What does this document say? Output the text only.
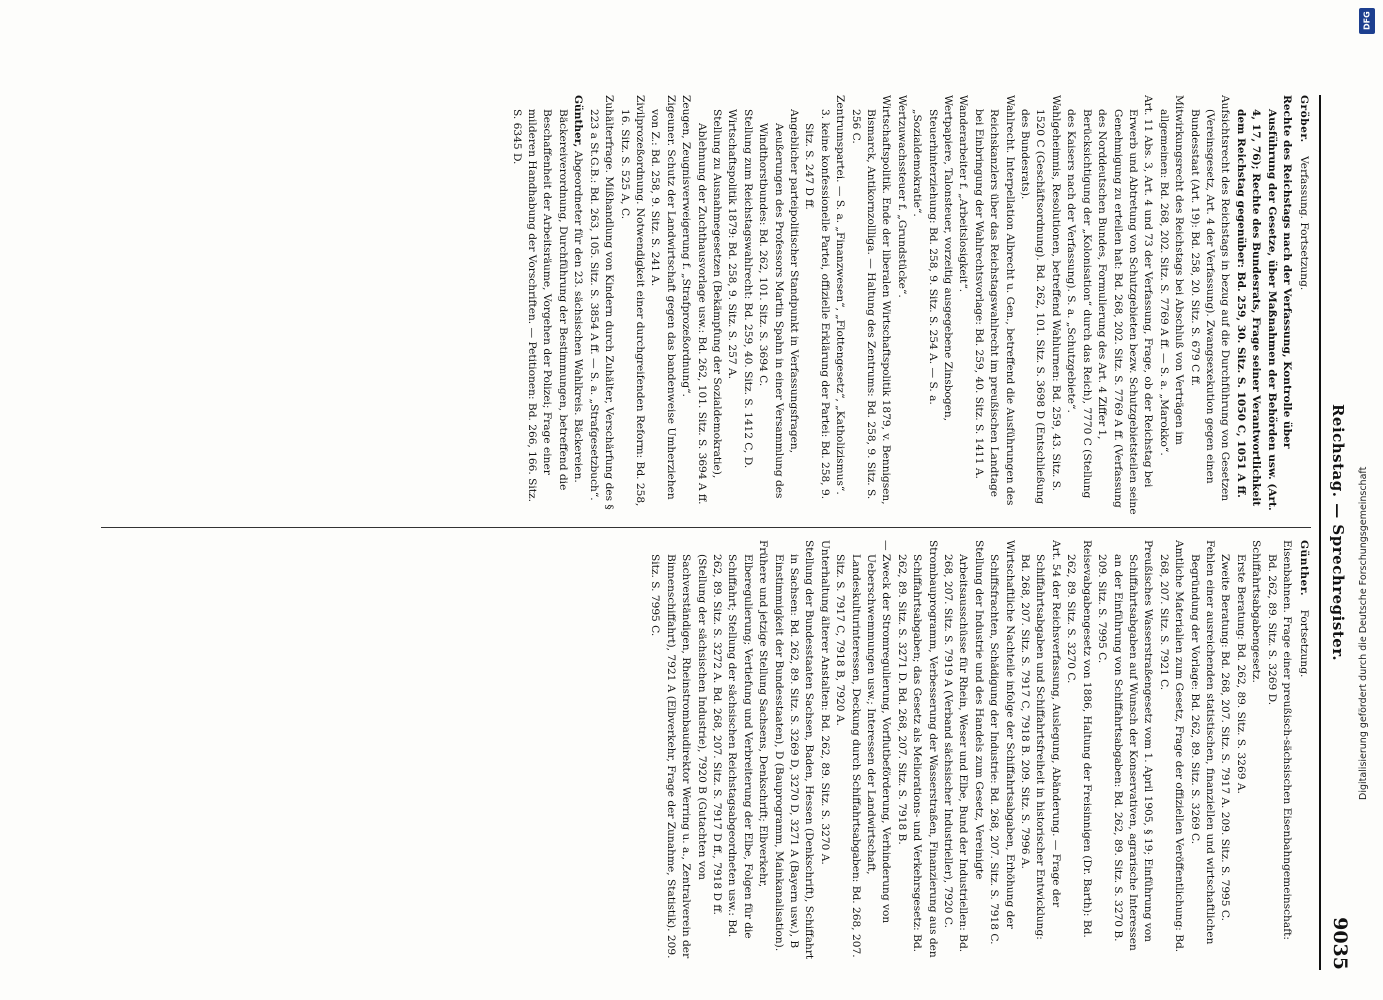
Reichstag. — Sprechregister.
9035
Gröber.    Verfassung. Fortsetzung.

Rechte des Reichstags nach der Verfassung, Kontrolle über Ausführung der Gesetze, über Maßnahmen der Behörden usw. (Art. 4, 17, 76); Rechte des Bundesrats, Frage seiner Verantwortlichkeit dem Reichstag gegenüber: Bd. 259, 30. Sitz. S. 1050 C, 1051 A ff.

Aufsichtsrecht des Reichstags in bezug auf die Durchführung von Gesetzen (Vereinsgesetz, Art. 4 der Verfassung). Zwangsexekution gegen einen Bundesstaat (Art. 19): Bd. 258, 20. Sitz. S. 679 C ff.

Mitwirkungsrecht des Reichstags bei Abschluß von Verträgen im allgemeinen: Bd. 268, 202. Sitz. S. 7769 A ff. — S. a. „Marokko“.

Art. 11 Abs. 3, Art. 4 und 73 der Verfassung, Frage, ob der Reichstag bei Erwerb und Abtretung von Schutzgebieten bezw. Schutzgebietsteilen seine Genehmigung zu erteilen hat: Bd. 268, 202. Sitz. S. 7769 A ff. (Verfassung des Norddeutschen Bundes, Formulierung des Art. 4 Ziffer 1, Berücksichtigung der „Kolonisation“ durch das Reich), 7770 C (Stellung des Kaisers nach der Verfassung). S. a. „Schutzgebiete“.

Wahlgeheimnis, Resolutionen, betreffend Wahlurnen: Bd. 259, 43. Sitz. S. 1520 C (Geschäftsordnung). Bd. 262, 101. Sitz. S. 3698 D (Entschließung des Bundesrats).

Wahlrecht. Interpellation Albrecht u. Gen., betreffend die Ausführungen des Reichskanzlers über das Reichstagswahlrecht im preußischen Landtage bei Einbringung der Wahlrechtsvorlage: Bd. 259, 40. Sitz. S. 1411 A.

Wanderarbeiter f. „Arbeitslosigkeit“.

Wertpapiere, Talonsteuer, vorzeitig ausgegebene Zinsbogen, Steuerhinterziehung: Bd. 258, 9. Sitz. S. 254 A. — S. a. „Sozialdemokratie“.

Wertzuwachssteuer f. „Grundstücke“.

Wirtschaftspolitik. Ende der liberalen Wirtschaftspolitik 1879, v. Bennigsen, Bismarck, Antikornzollliga. — Haltung des Zentrums: Bd. 258, 9. Sitz. S. 256 C.

Zentrumspartei. — S. a. „Finanzwesen“, „Flottengesetz“, „Katholizismus“.

3. keine konfessionelle Partei, offizielle Erklärung der Partei: Bd. 258, 9. Sitz. S. 247 D ff.

Angeblicher parteipolitischer Standpunkt in Verfassungsfragen, Aeußerungen des Professors Martin Spahn in einer Versammlung des Windthorstbundes: Bd. 262, 101. Sitz. S. 3694 C.

Stellung zum Reichstagswahlrecht: Bd. 259, 40. Sitz. S. 1412 C, D.

Wirtschaftspolitik 1879: Bd. 258, 9. Sitz. S. 257 A.

Stellung zu Ausnahmegesetzen (Bekämpfung der Sozialdemokratie), Ablehnung der Zuchthausvorlage usw.: Bd. 262, 101. Sitz. S. 3694 A ff.

Zeugen, Zeugnisverweigerung f. „Strafprozeßordnung“.

Zigeuner. Schutz der Landwirtschaft gegen das bandenweise Umherziehen von Z.: Bd. 258, 9. Sitz. S. 241 A.

Zivilprozeßordnung. Notwendigkeit einer durchgreifenden Reform: Bd. 258, 16. Sitz. S. 525 A, C.

Zuhälterfrage. Mißhandlung von Kindern durch Zuhälter, Verschärfung des § 223 a St.G.B.: Bd. 263, 105. Sitz. S. 3854 A ff. — S. a. „Strafgesetzbuch“.

Günther, Abgeordneter für den 23. sächsischen Wahlkreis. Bäckereien. Bäckereiverordnung, Durchführung der Bestimmungen, betreffend die Beschaffenheit der Arbeitsräume, Vorgehen der Polizei; Frage einer milderen Handhabung der Vorschriften. — Petitionen: Bd. 266, 166. Sitz. S. 6345 D.

Günther.    Fortsetzung.

Eisenbahnen. Frage einer preußisch-sächsischen Eisenbahngemeinschaft: Bd. 262, 89. Sitz. S. 3269 D.

Schiffahrtsabgabengesetz.

Erste Beratung: Bd. 262, 89. Sitz. S. 3269 A.

Zweite Beratung: Bd. 268, 207. Sitz. S. 7917 A. 209. Sitz. S. 7995 C.

Fehlen einer ausreichenden statistischen, finanziellen und wirtschaftlichen Begründung der Vorlage: Bd. 262, 89. Sitz. S. 3269 C.

Amtliche Materialien zum Gesetz, Frage der offiziellen Veröffentlichung: Bd. 268, 207. Sitz. S. 7921 C.

Preußisches Wasserstraßengesetz vom 1. April 1905, § 19; Einführung von Schiffahrtsabgaben auf Wunsch der Konservativen, agrarische Interessen an der Einführung von Schiffahrtsabgaben: Bd. 262, 89. Sitz. S. 3270 B. 209. Sitz. S. 7995 C.

Reisevabgabengesetz von 1886, Haltung der Freisinnigen (Dr. Barth): Bd. 262, 89. Sitz. S. 3270 C.

Art. 54 der Reichsverfassung, Auslegung, Abänderung. — Frage der Schiffahrtsabgaben und Schiffahrtsfreiheit in historischer Entwicklung: Bd. 268, 207. Sitz. S. 7917 C, 7918 B. 209. Sitz. S. 7996 A.

Wirtschaftliche Nachteile infolge der Schiffahrtsabgaben, Erhöhung der Schiffsfrachten, Schädigung der Industrie: Bd. 268, 207. Sitz. S. 7918 C.

Stellung der Industrie und des Handels zum Gesetz, Vereinigte Arbeitsausschüsse für Rhein, Weser und Elbe, Bund der Industriellen: Bd. 268, 207. Sitz. S. 7919 A (Verband sächsischer Industrieller), 7920 C.

Strombauprogramm, Verbesserung der Wasserstraßen, Finanzierung aus den Schiffahrtsabgaben; das Gesetz als Meliorations- und Verkehrsgesetz: Bd. 262, 89. Sitz. S. 3271 D. Bd. 268, 207. Sitz. S. 7918 B.

— Zweck der Stromregulierung, Vorflutbeförderung, Verhinderung von Ueberschwemmungen usw.; Interessen der Landwirtschaft, Landeskulturinteressen, Deckung durch Schiffahrtsabgaben: Bd. 268, 207. Sitz. S. 7917 C, 7918 B, 7920 A.

Unterhaltung älterer Anstalten: Bd. 262, 89. Sitz. S. 3270 A.

Stellung der Bundesstaaten Sachsen, Baden, Hessen (Denkschrift), Schiffahrt in Sachsen: Bd. 262, 89. Sitz. S. 3269 D, 3270 D, 3271 A (Bayern usw.), B Einstimmigkeit der Bundesstaaten), D (Bauprogramm, Mainkanalisation).

Frühere und jetzige Stellung Sachsens, Denkschrift; Elbverkehr, Elberegulierung; Vertiefung und Verbreiterung der Elbe, Folgen für die Schiffahrt; Stellung der sächsischen Reichstagsabgeordneten usw.: Bd. 262, 89. Sitz. S. 3272 A. Bd. 268, 207. Sitz. S. 7917 D ff., 7918 D ff. (Stellung der sächsischen Industrie), 7920 B (Gutachten von Sachverständigen, Rheinstrombaudirektor Werring u. a., Zentralverein der Binnenschiffahrt), 7921 A (Elbverkehr, Frage der Zunahme, Statistik). 209. Sitz. S. 7995 C.

DFG
Digitalisierung gefördert durch die Deutsche Forschungsgemeinschaft
